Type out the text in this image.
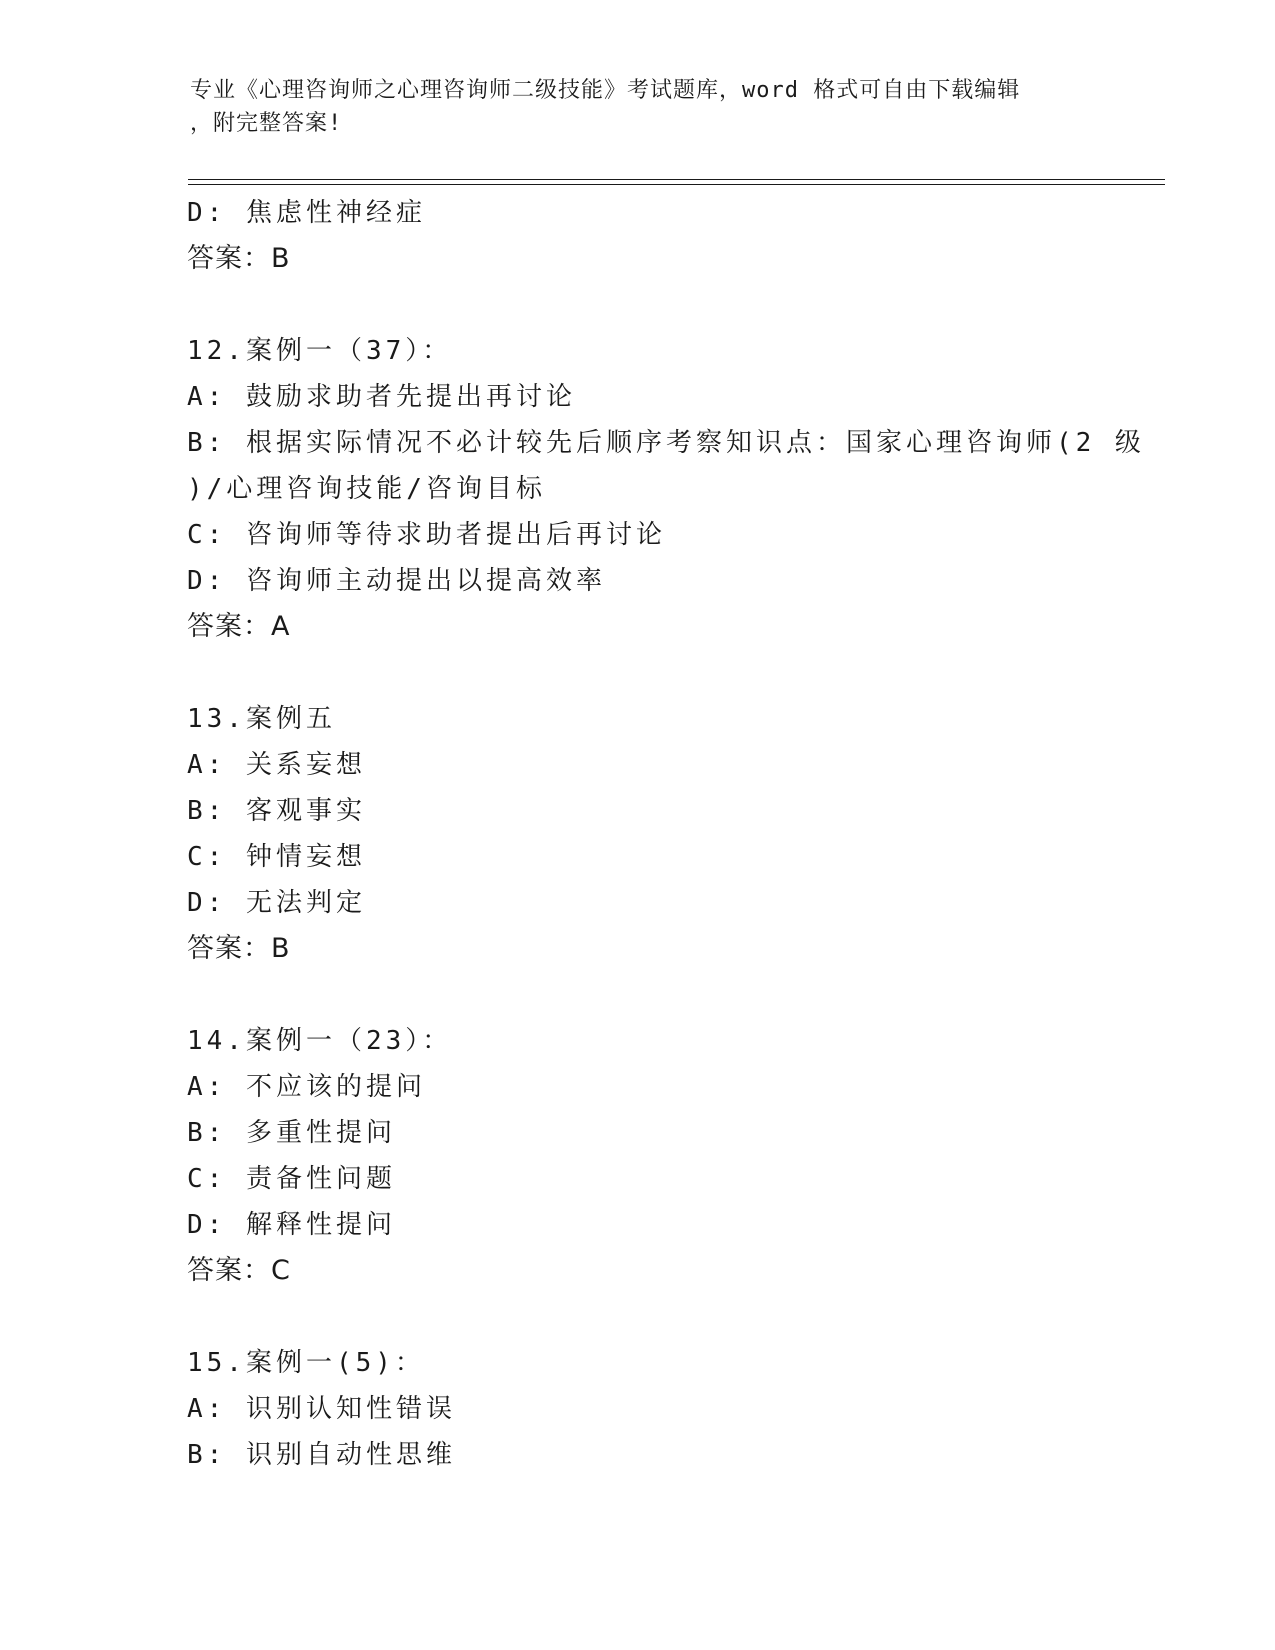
专业《心理咨询师之心理咨询师二级技能》考试题库，word 格式可自由下载编辑
，附完整答案!
D: 焦虑性神经症
答案：B
12.案例一（37）：
A: 鼓励求助者先提出再讨论
B: 根据实际情况不必计较先后顺序考察知识点：国家心理咨询师(2 级
)/心理咨询技能/咨询目标
C: 咨询师等待求助者提出后再讨论
D: 咨询师主动提出以提高效率
答案：A
13.案例五
A: 关系妄想
B: 客观事实
C: 钟情妄想
D: 无法判定
答案：B
14.案例一（23）：
A: 不应该的提问
B: 多重性提问
C: 责备性问题
D: 解释性提问
答案：C
15.案例一(5)：
A: 识别认知性错误
B: 识别自动性思维
